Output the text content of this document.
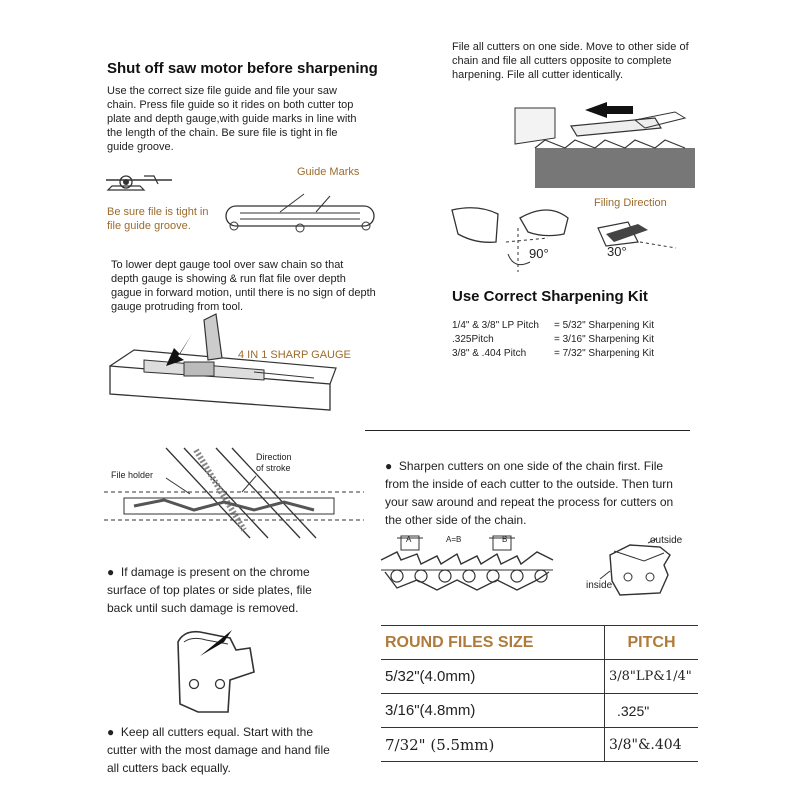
Shut off saw motor before sharpening
Use the correct size file guide and file your saw
chain. Press file guide so it rides on both cutter top
plate and depth gauge,with guide marks in line with
the length of the chain. Be sure file is tight in fle
guide groove.
Guide Marks
Be sure file is tight in
file guide groove.
To lower dept gauge tool over saw chain so that
depth gauge is showing & run flat file over depth
gague in forward motion, until there is no sign of depth
gauge protruding from tool.
4 IN 1 SHARP GAUGE
File all cutters on one side. Move to other side of
chain and file all cutters opposite to complete
harpening. File all cutter identically.
Filing Direction
90°	30°
Use Correct Sharpening Kit
1/4" & 3/8" LP Pitch = 5/32" Sharpening Kit
.325Pitch	= 3/16" Sharpening Kit
3/8" & .404 Pitch	= 7/32" Sharpening Kit
File holder
Direction
of stroke
●  If damage is present on the chrome
surface of top plates or side plates, file
back until such damage is removed.
●  Keep all cutters equal. Start with the
cutter with the most damage and hand file
all cutters back equally.
●  Sharpen cutters on one side of the chain first. File
from the inside of each cutter to the outside. Then turn
your saw around and repeat the process for cutters on
the other side of the chain.
A	A=B	B	outside
inside
ROUND FILES SIZE	PITCH
5/32"(4.0mm)	3/8"LP&1/4"
3/16"(4.8mm)	.325"
7/32" (5.5mm)	3/8"&.404
